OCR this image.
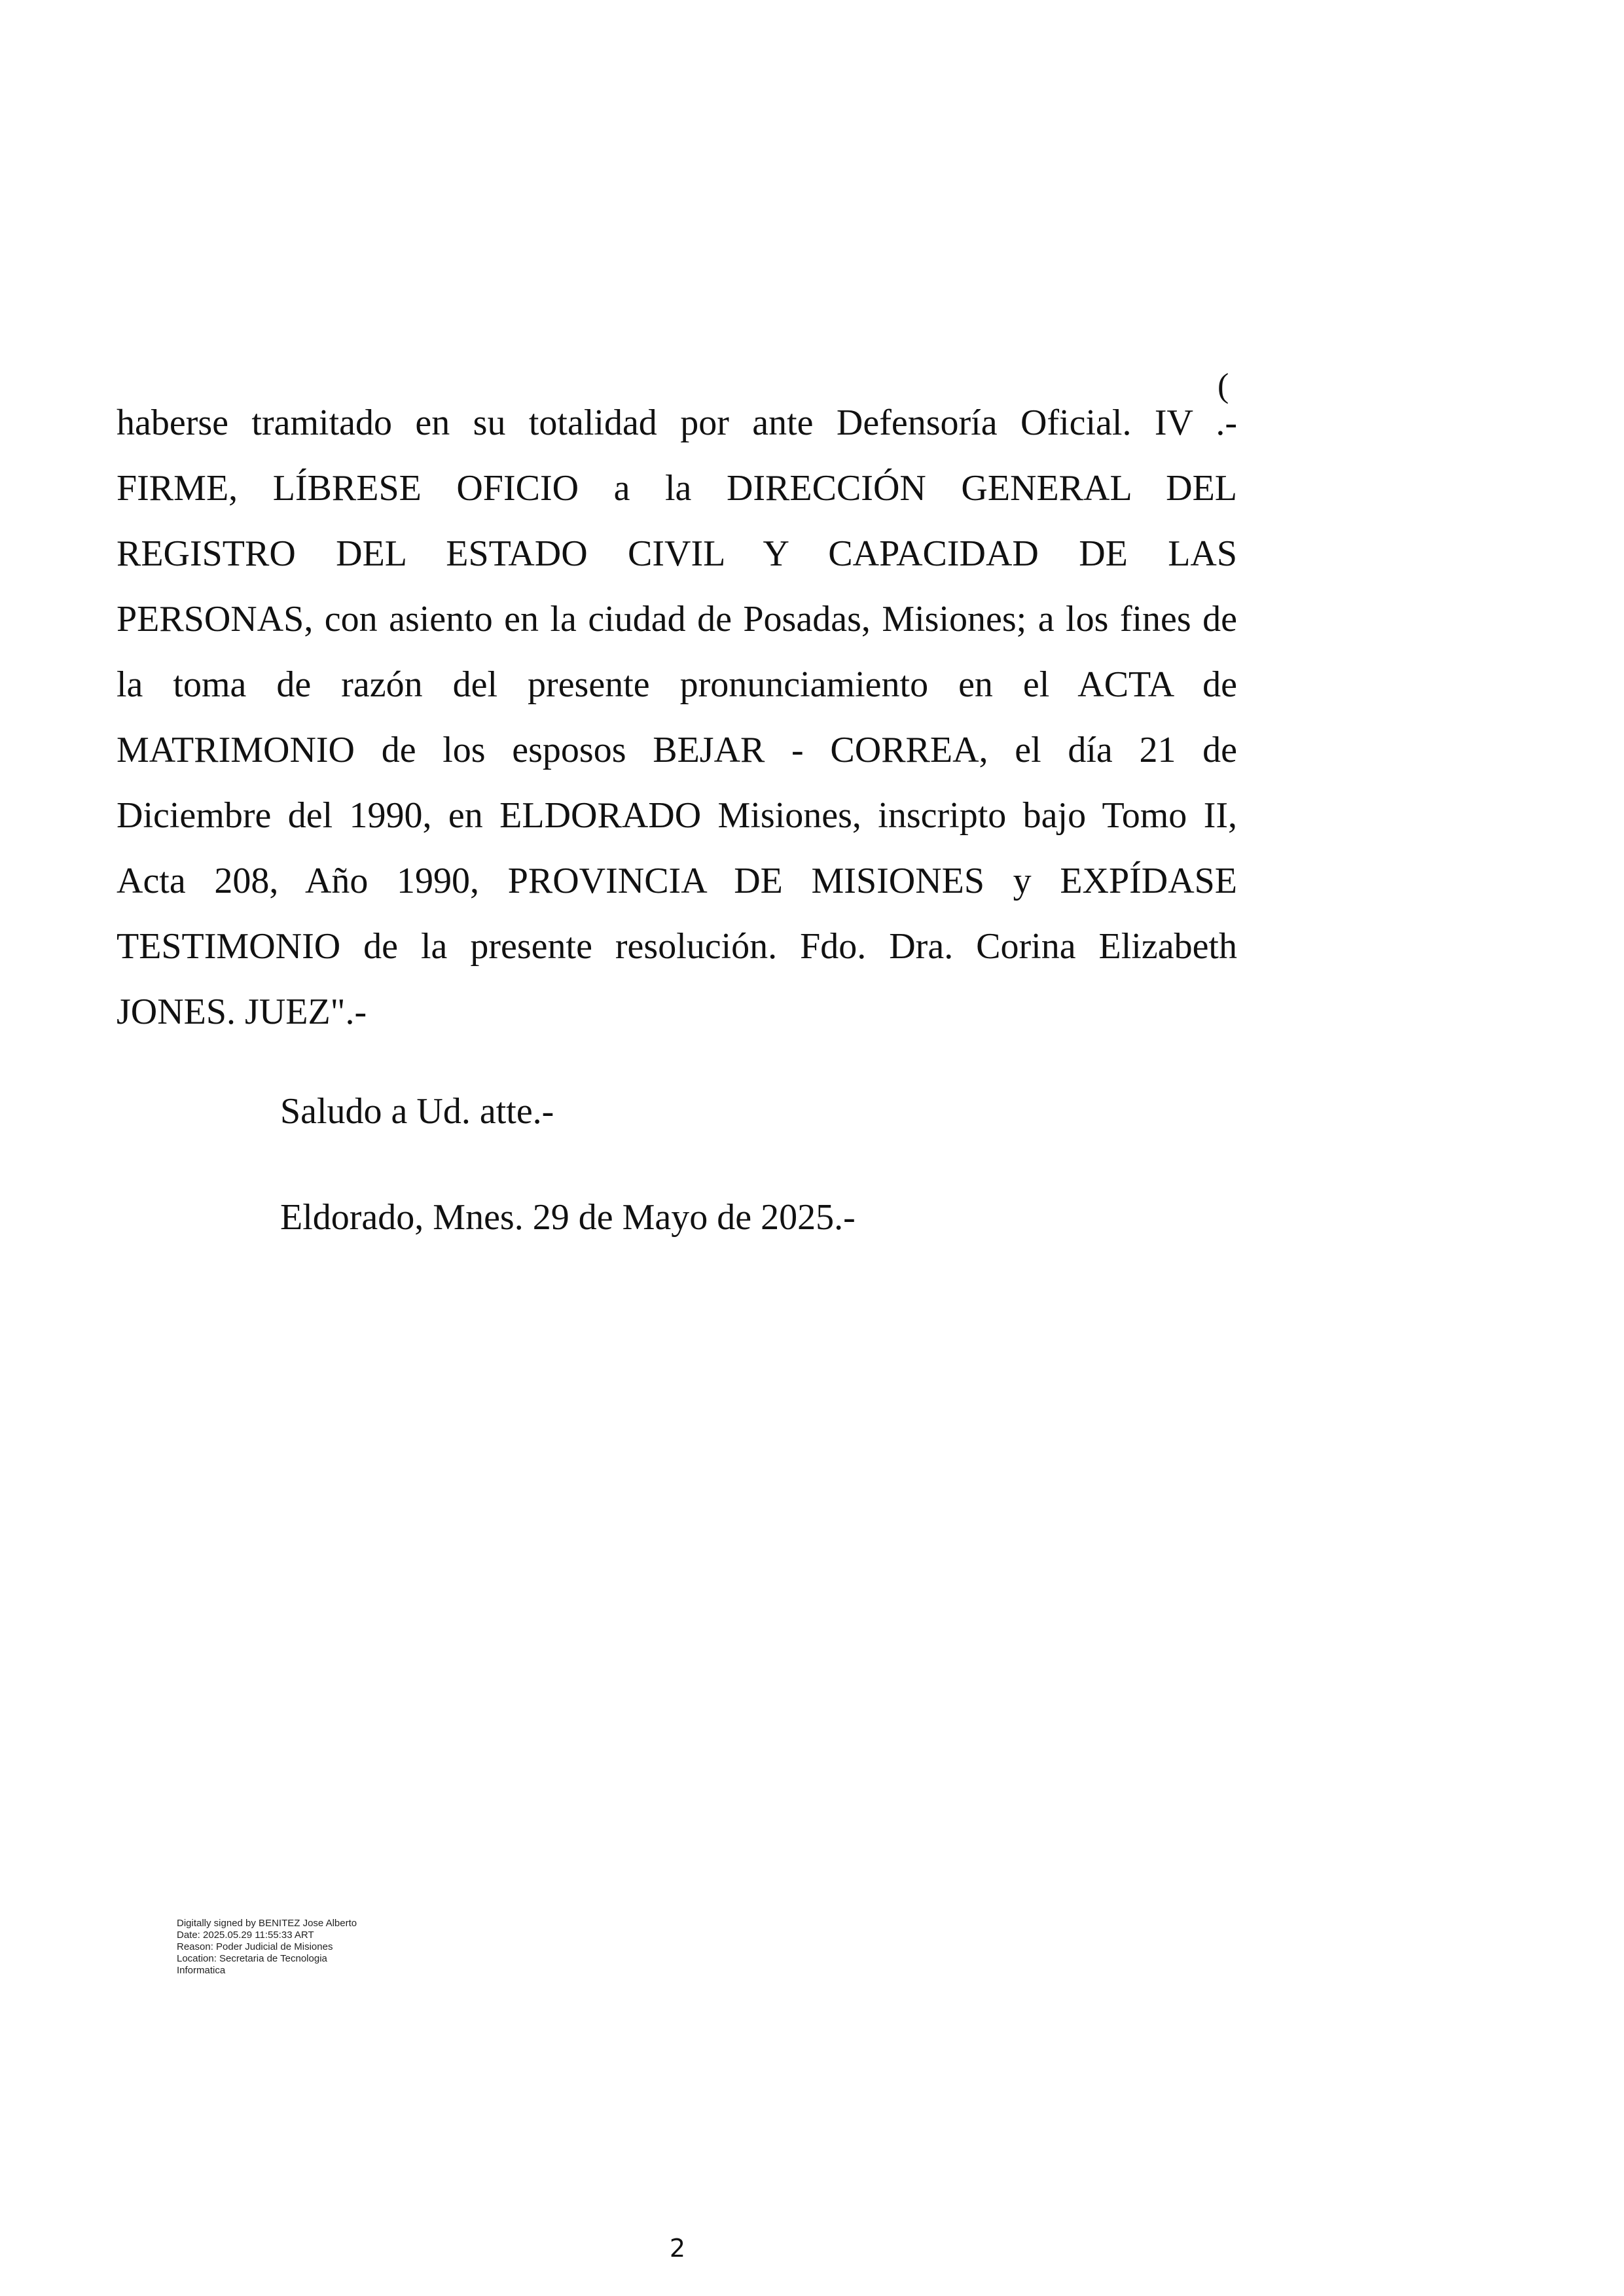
haberse tramitado en su totalidad por ante Defensoría Oficial. IV .-
FIRME, LÍBRESE OFICIO a la DIRECCIÓN GENERAL DEL
REGISTRO DEL ESTADO CIVIL Y CAPACIDAD DE LAS
PERSONAS, con asiento en la ciudad de Posadas, Misiones; a los fines de
la toma de razón del presente pronunciamiento en el ACTA de
MATRIMONIO de los esposos BEJAR - CORREA, el día 21 de
Diciembre del 1990, en ELDORADO Misiones, inscripto bajo Tomo II,
Acta 208, Año 1990, PROVINCIA DE MISIONES y EXPÍDASE
TESTIMONIO de la presente resolución. Fdo. Dra. Corina Elizabeth
JONES. JUEZ".-
(
Saludo a Ud. atte.-
Eldorado, Mnes. 29 de Mayo de 2025.-
Digitally signed by BENITEZ Jose Alberto
Date: 2025.05.29 11:55:33 ART
Reason: Poder Judicial de Misiones
Location: Secretaria de Tecnologia
Informatica
2
